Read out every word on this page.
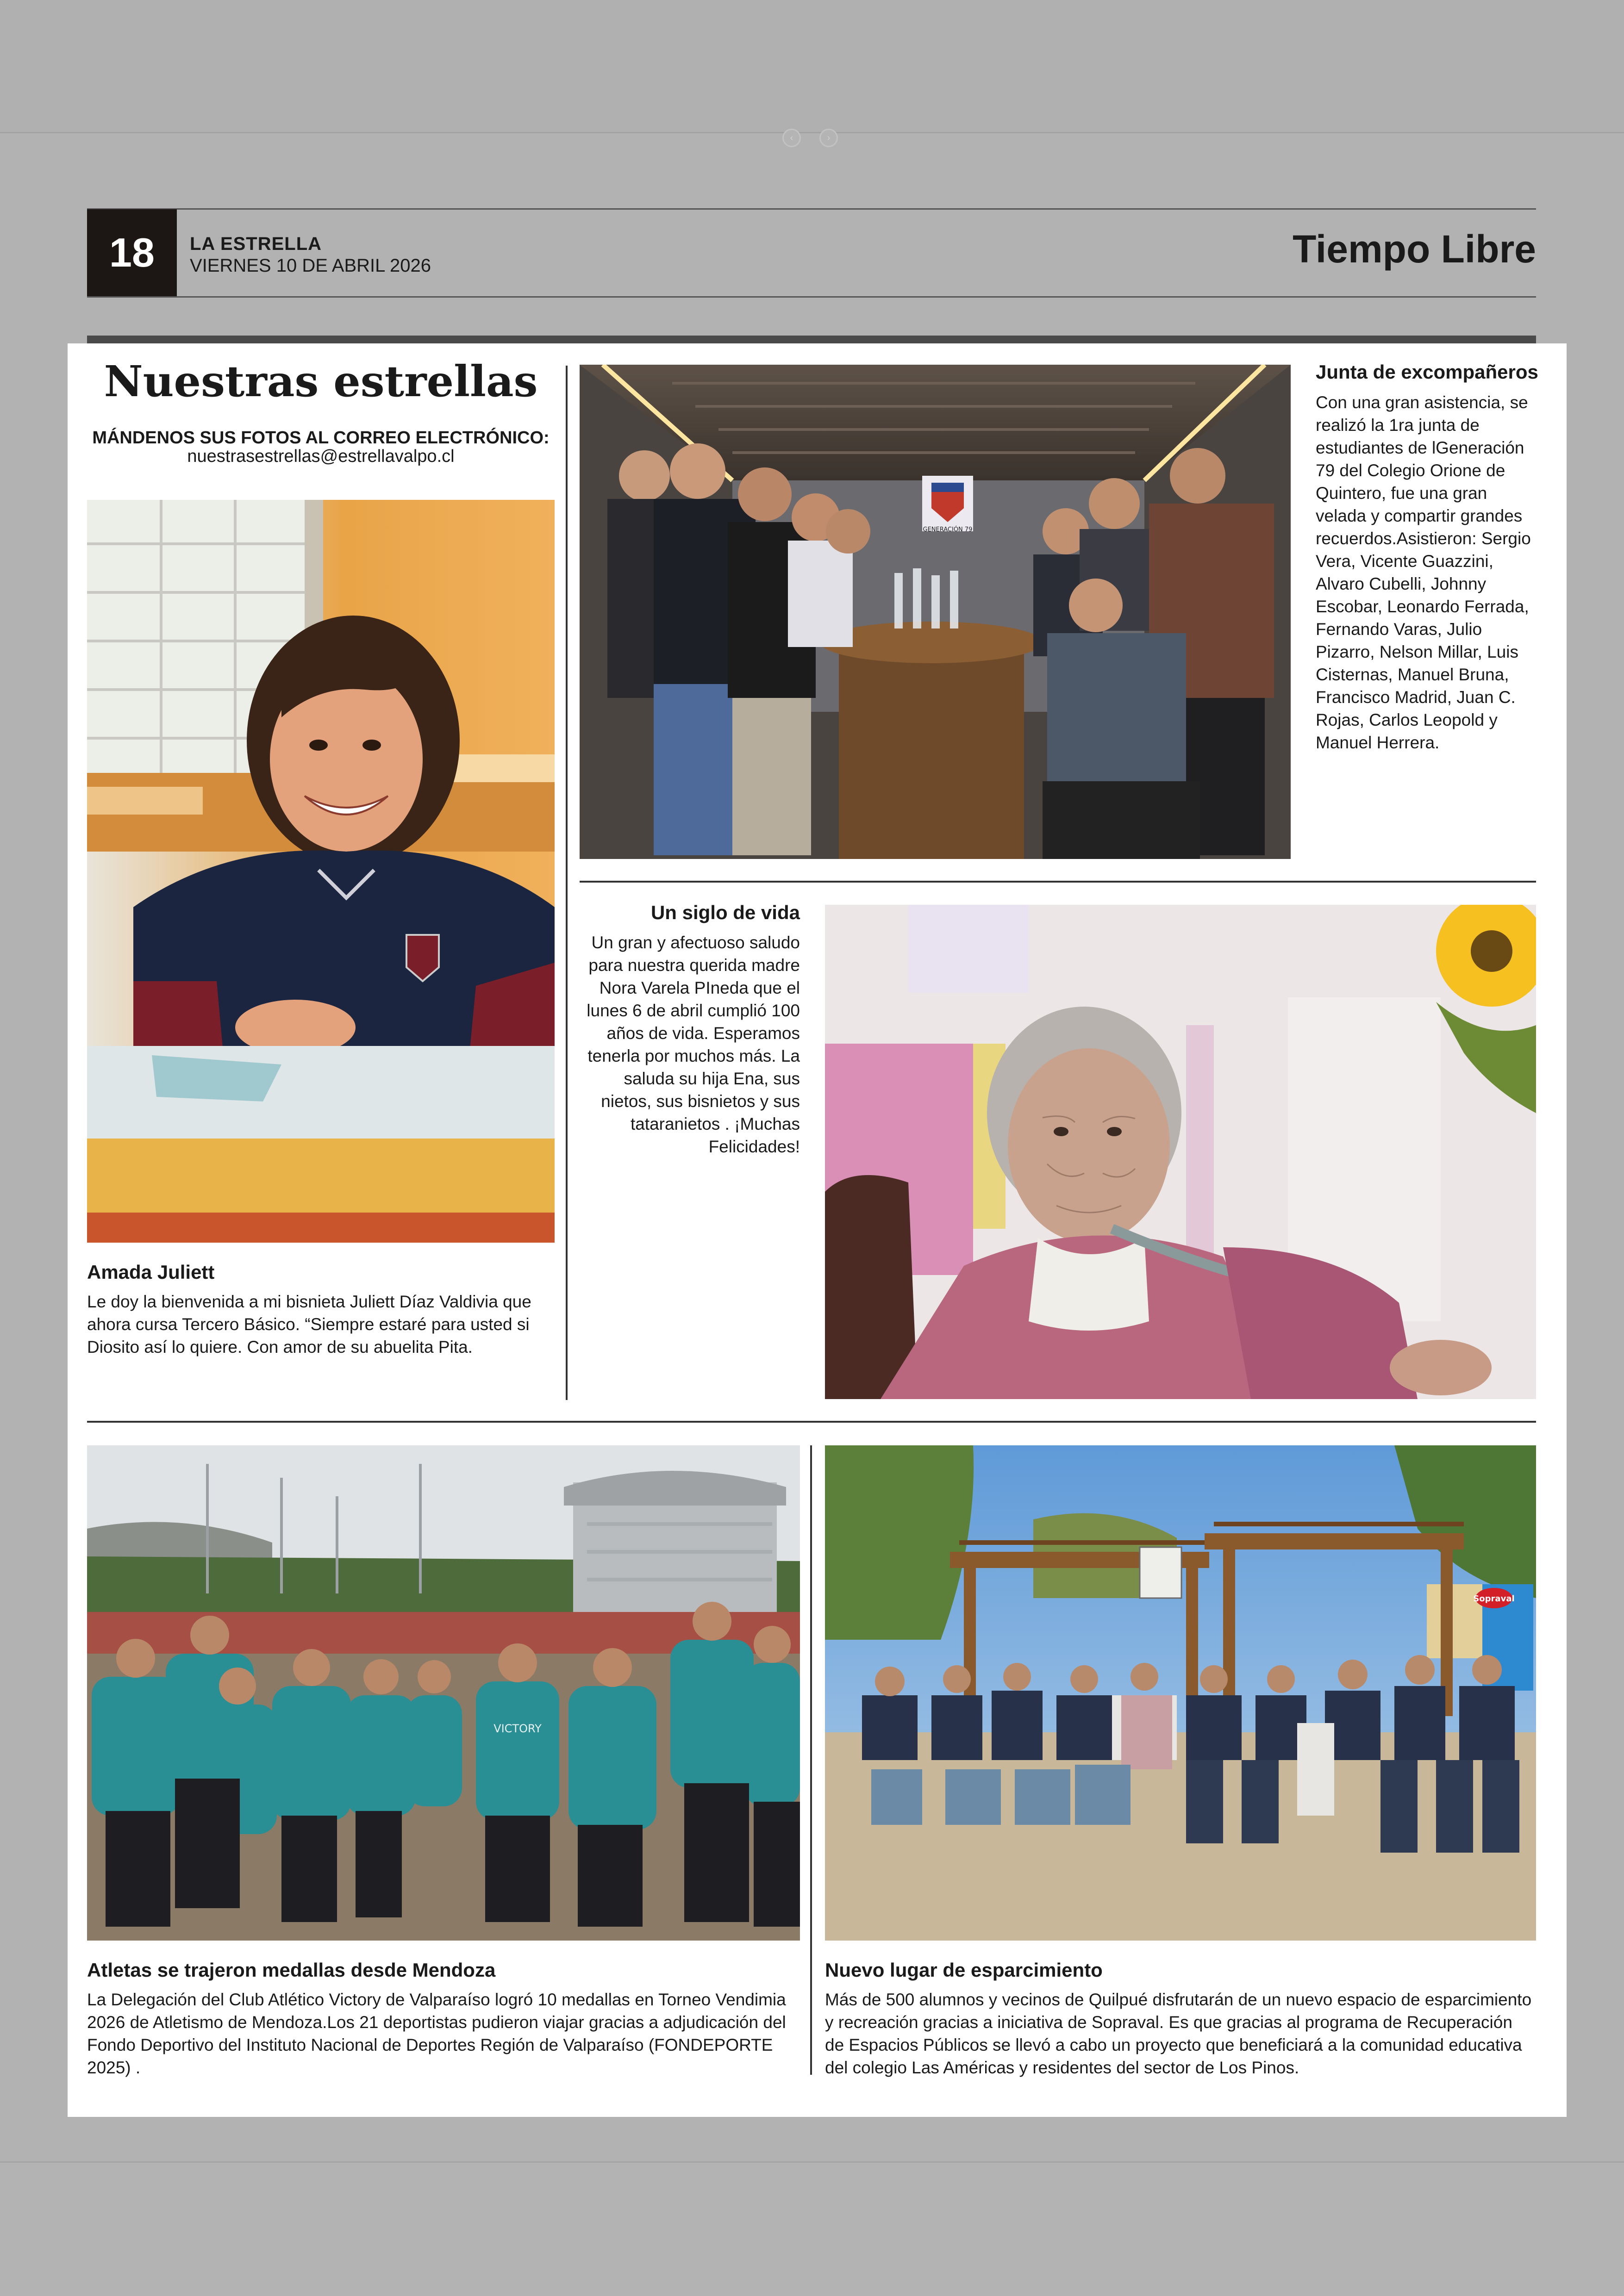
‹	›
18	LA ESTRELLA
VIERNES 10 DE ABRIL 2026	Tiempo Libre
Nuestras estrellas
MÁNDENOS SUS FOTOS AL CORREO ELECTRÓNICO:
nuestrasestrellas@estrellavalpo.cl
Amada Juliett

Le doy la bienvenida a mi bisnieta Juliett Díaz Valdivia que ahora cursa Tercero Básico. “Siempre estaré para usted si Diosito así lo quiere. Con amor de su abuelita Pita.

GENERACIÓN 79
Junta de excompañeros

Con una gran asistencia, se realizó la 1ra junta de estudiantes de lGeneración 79 del Colegio Orione de Quintero, fue una gran velada y compartir grandes recuerdos.Asistieron: Sergio Vera, Vicente Guazzini, Alvaro Cubelli, Johnny Escobar, Leonardo Ferrada, Fernando Varas, Julio Pizarro, Nelson Millar, Luis Cisternas, Manuel Bruna, Francisco Madrid, Juan C. Rojas, Carlos Leopold y Manuel Herrera.

Un siglo de vida

Un gran y afectuoso saludo para nuestra querida madre Nora Varela PIneda que el lunes 6 de abril cumplió 100 años de vida. Esperamos tenerla por muchos más. La saluda su hija Ena, sus nietos, sus bisnietos y sus tataranietos . ¡Muchas Felicidades!

VICTORY
Atletas se trajeron medallas desde Mendoza

La Delegación del Club Atlético Victory de Valparaíso logró 10 medallas en Torneo Vendimia 2026 de Atletismo de Mendoza.Los 21 deportistas pudieron viajar gracias a adjudicación del Fondo Deportivo del Instituto Nacional de Deportes Región de Valparaíso (FONDEPORTE 2025) .

Sopraval
Nuevo lugar de esparcimiento

Más de 500 alumnos y vecinos de Quilpué disfrutarán de un nuevo espacio de esparcimiento y recreación gracias a iniciativa de Sopraval. Es que gracias al programa de Recuperación de Espacios Públicos se llevó a cabo un proyecto que beneficiará a la comunidad educativa del colegio Las Américas y residentes del sector de Los Pinos.
